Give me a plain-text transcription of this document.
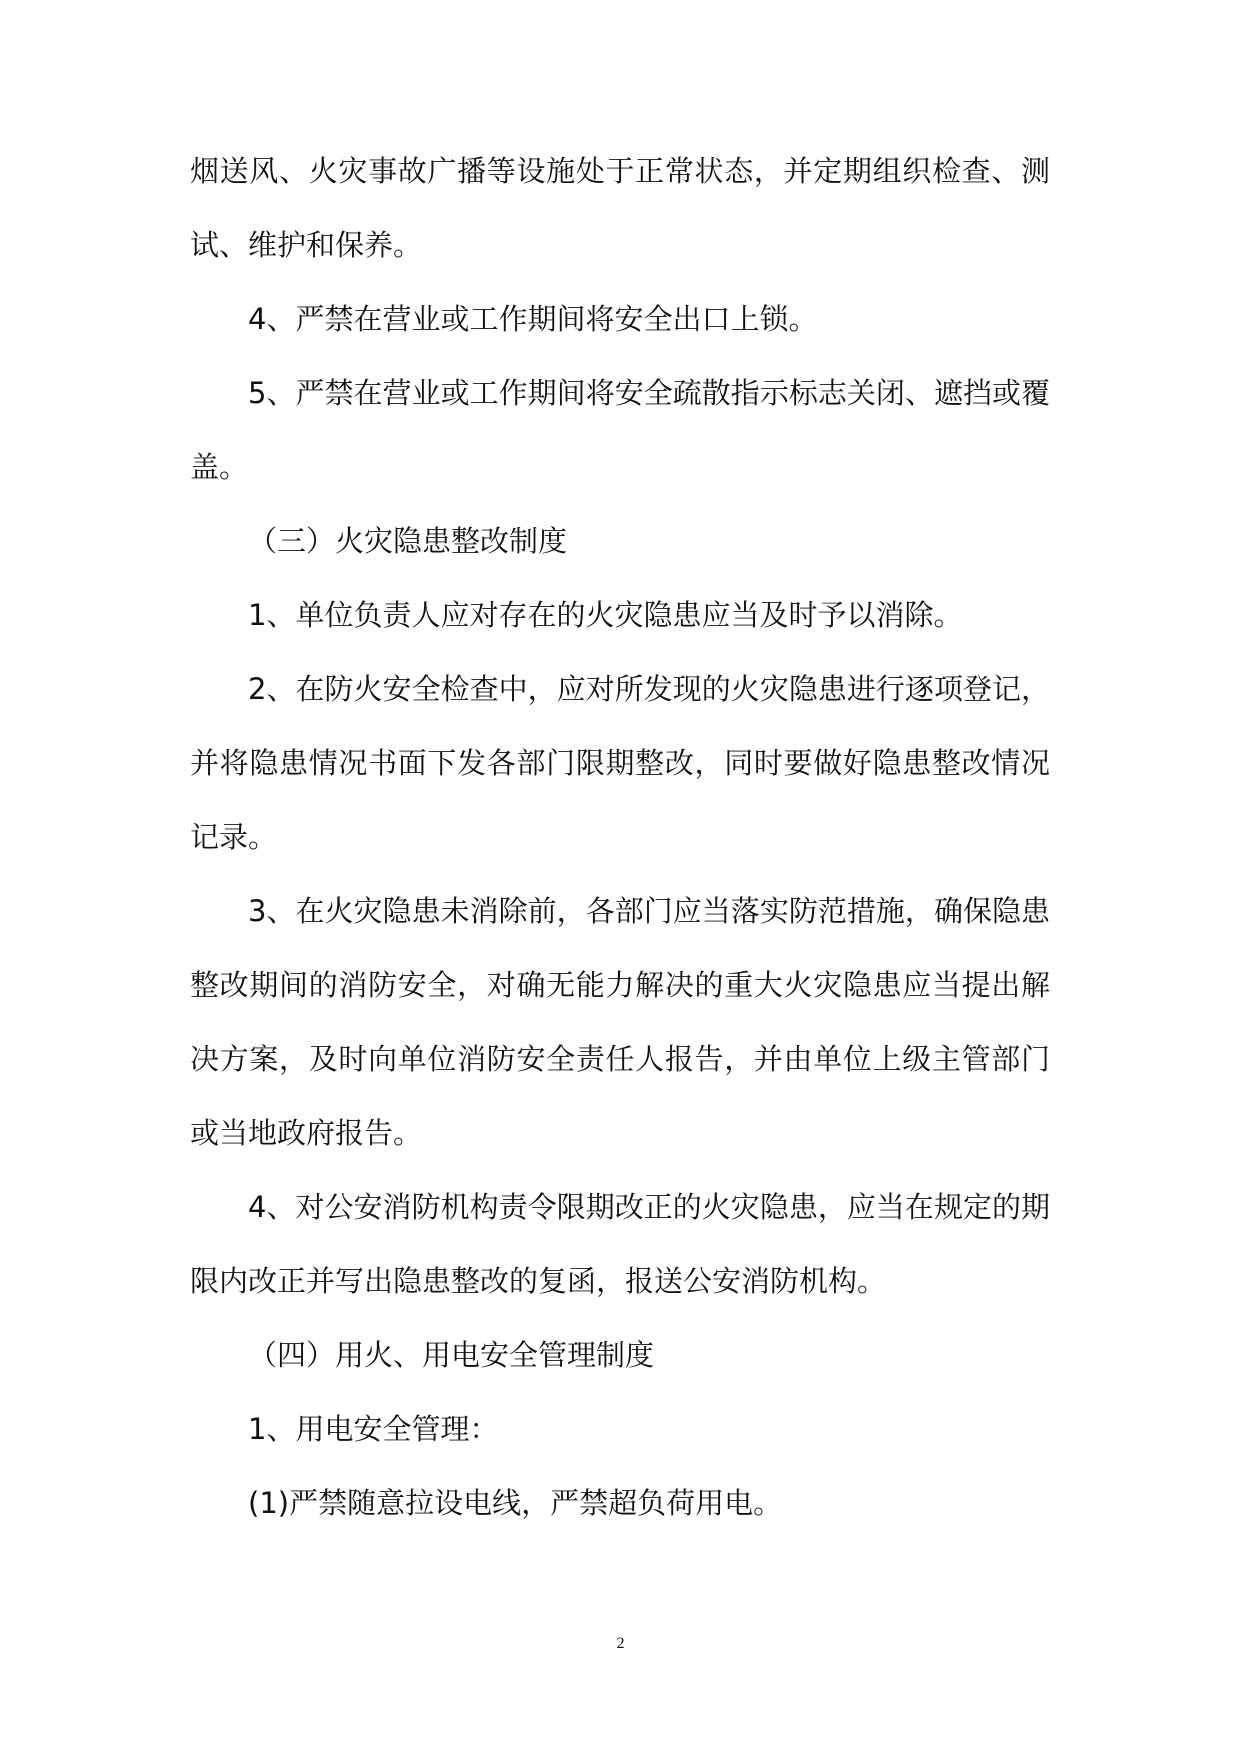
烟送风、火灾事故广播等设施处于正常状态，并定期组织检查、测试、维护和保养。

4、严禁在营业或工作期间将安全出口上锁。

5、严禁在营业或工作期间将安全疏散指示标志关闭、遮挡或覆盖。

（三）火灾隐患整改制度

1、单位负责人应对存在的火灾隐患应当及时予以消除。

2、在防火安全检查中，应对所发现的火灾隐患进行逐项登记，并将隐患情况书面下发各部门限期整改，同时要做好隐患整改情况记录。

3、在火灾隐患未消除前，各部门应当落实防范措施，确保隐患整改期间的消防安全，对确无能力解决的重大火灾隐患应当提出解决方案，及时向单位消防安全责任人报告，并由单位上级主管部门或当地政府报告。

4、对公安消防机构责令限期改正的火灾隐患，应当在规定的期限内改正并写出隐患整改的复函，报送公安消防机构。

（四）用火、用电安全管理制度

1、用电安全管理：

(1)严禁随意拉设电线，严禁超负荷用电。

2
